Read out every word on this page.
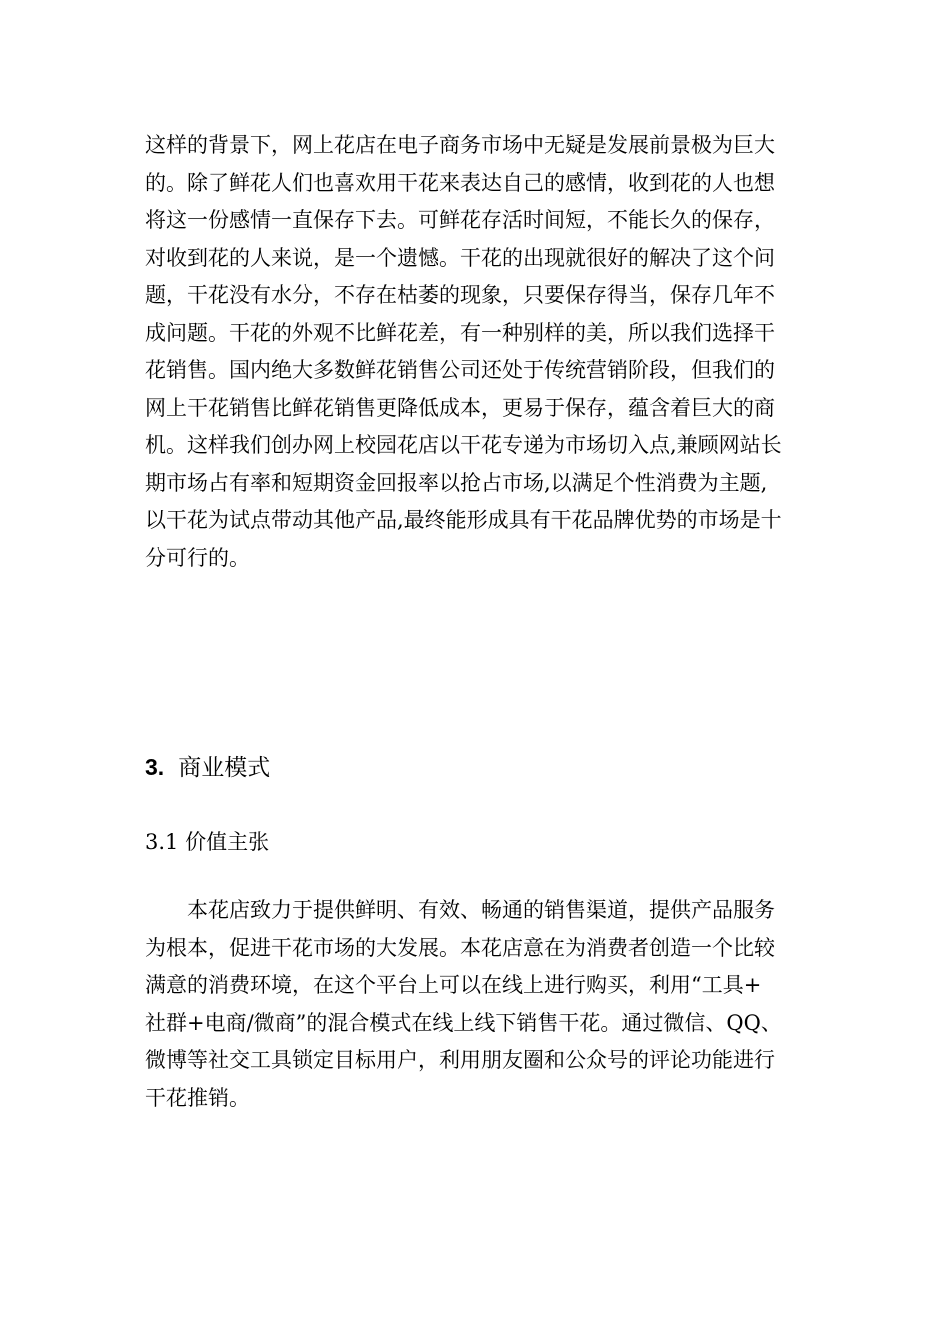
这样的背景下，网上花店在电子商务市场中无疑是发展前景极为巨大
的。除了鲜花人们也喜欢用干花来表达自己的感情，收到花的人也想
将这一份感情一直保存下去。可鲜花存活时间短，不能长久的保存，
对收到花的人来说，是一个遗憾。干花的出现就很好的解决了这个问
题，干花没有水分，不存在枯萎的现象，只要保存得当，保存几年不
成问题。干花的外观不比鲜花差，有一种别样的美，所以我们选择干
花销售。国内绝大多数鲜花销售公司还处于传统营销阶段，但我们的
网上干花销售比鲜花销售更降低成本，更易于保存，蕴含着巨大的商
机。这样我们创办网上校园花店以干花专递为市场切入点,兼顾网站长
期市场占有率和短期资金回报率以抢占市场,以满足个性消费为主题,
以干花为试点带动其他产品,最终能形成具有干花品牌优势的市场是十
分可行的。
3. 商业模式
3.1 价值主张
　　本花店致力于提供鲜明、有效、畅通的销售渠道，提供产品服务
为根本，促进干花市场的大发展。本花店意在为消费者创造一个比较
满意的消费环境，在这个平台上可以在线上进行购买，利用“工具+
社群+电商/微商”的混合模式在线上线下销售干花。通过微信、QQ、
微博等社交工具锁定目标用户，利用朋友圈和公众号的评论功能进行
干花推销。
